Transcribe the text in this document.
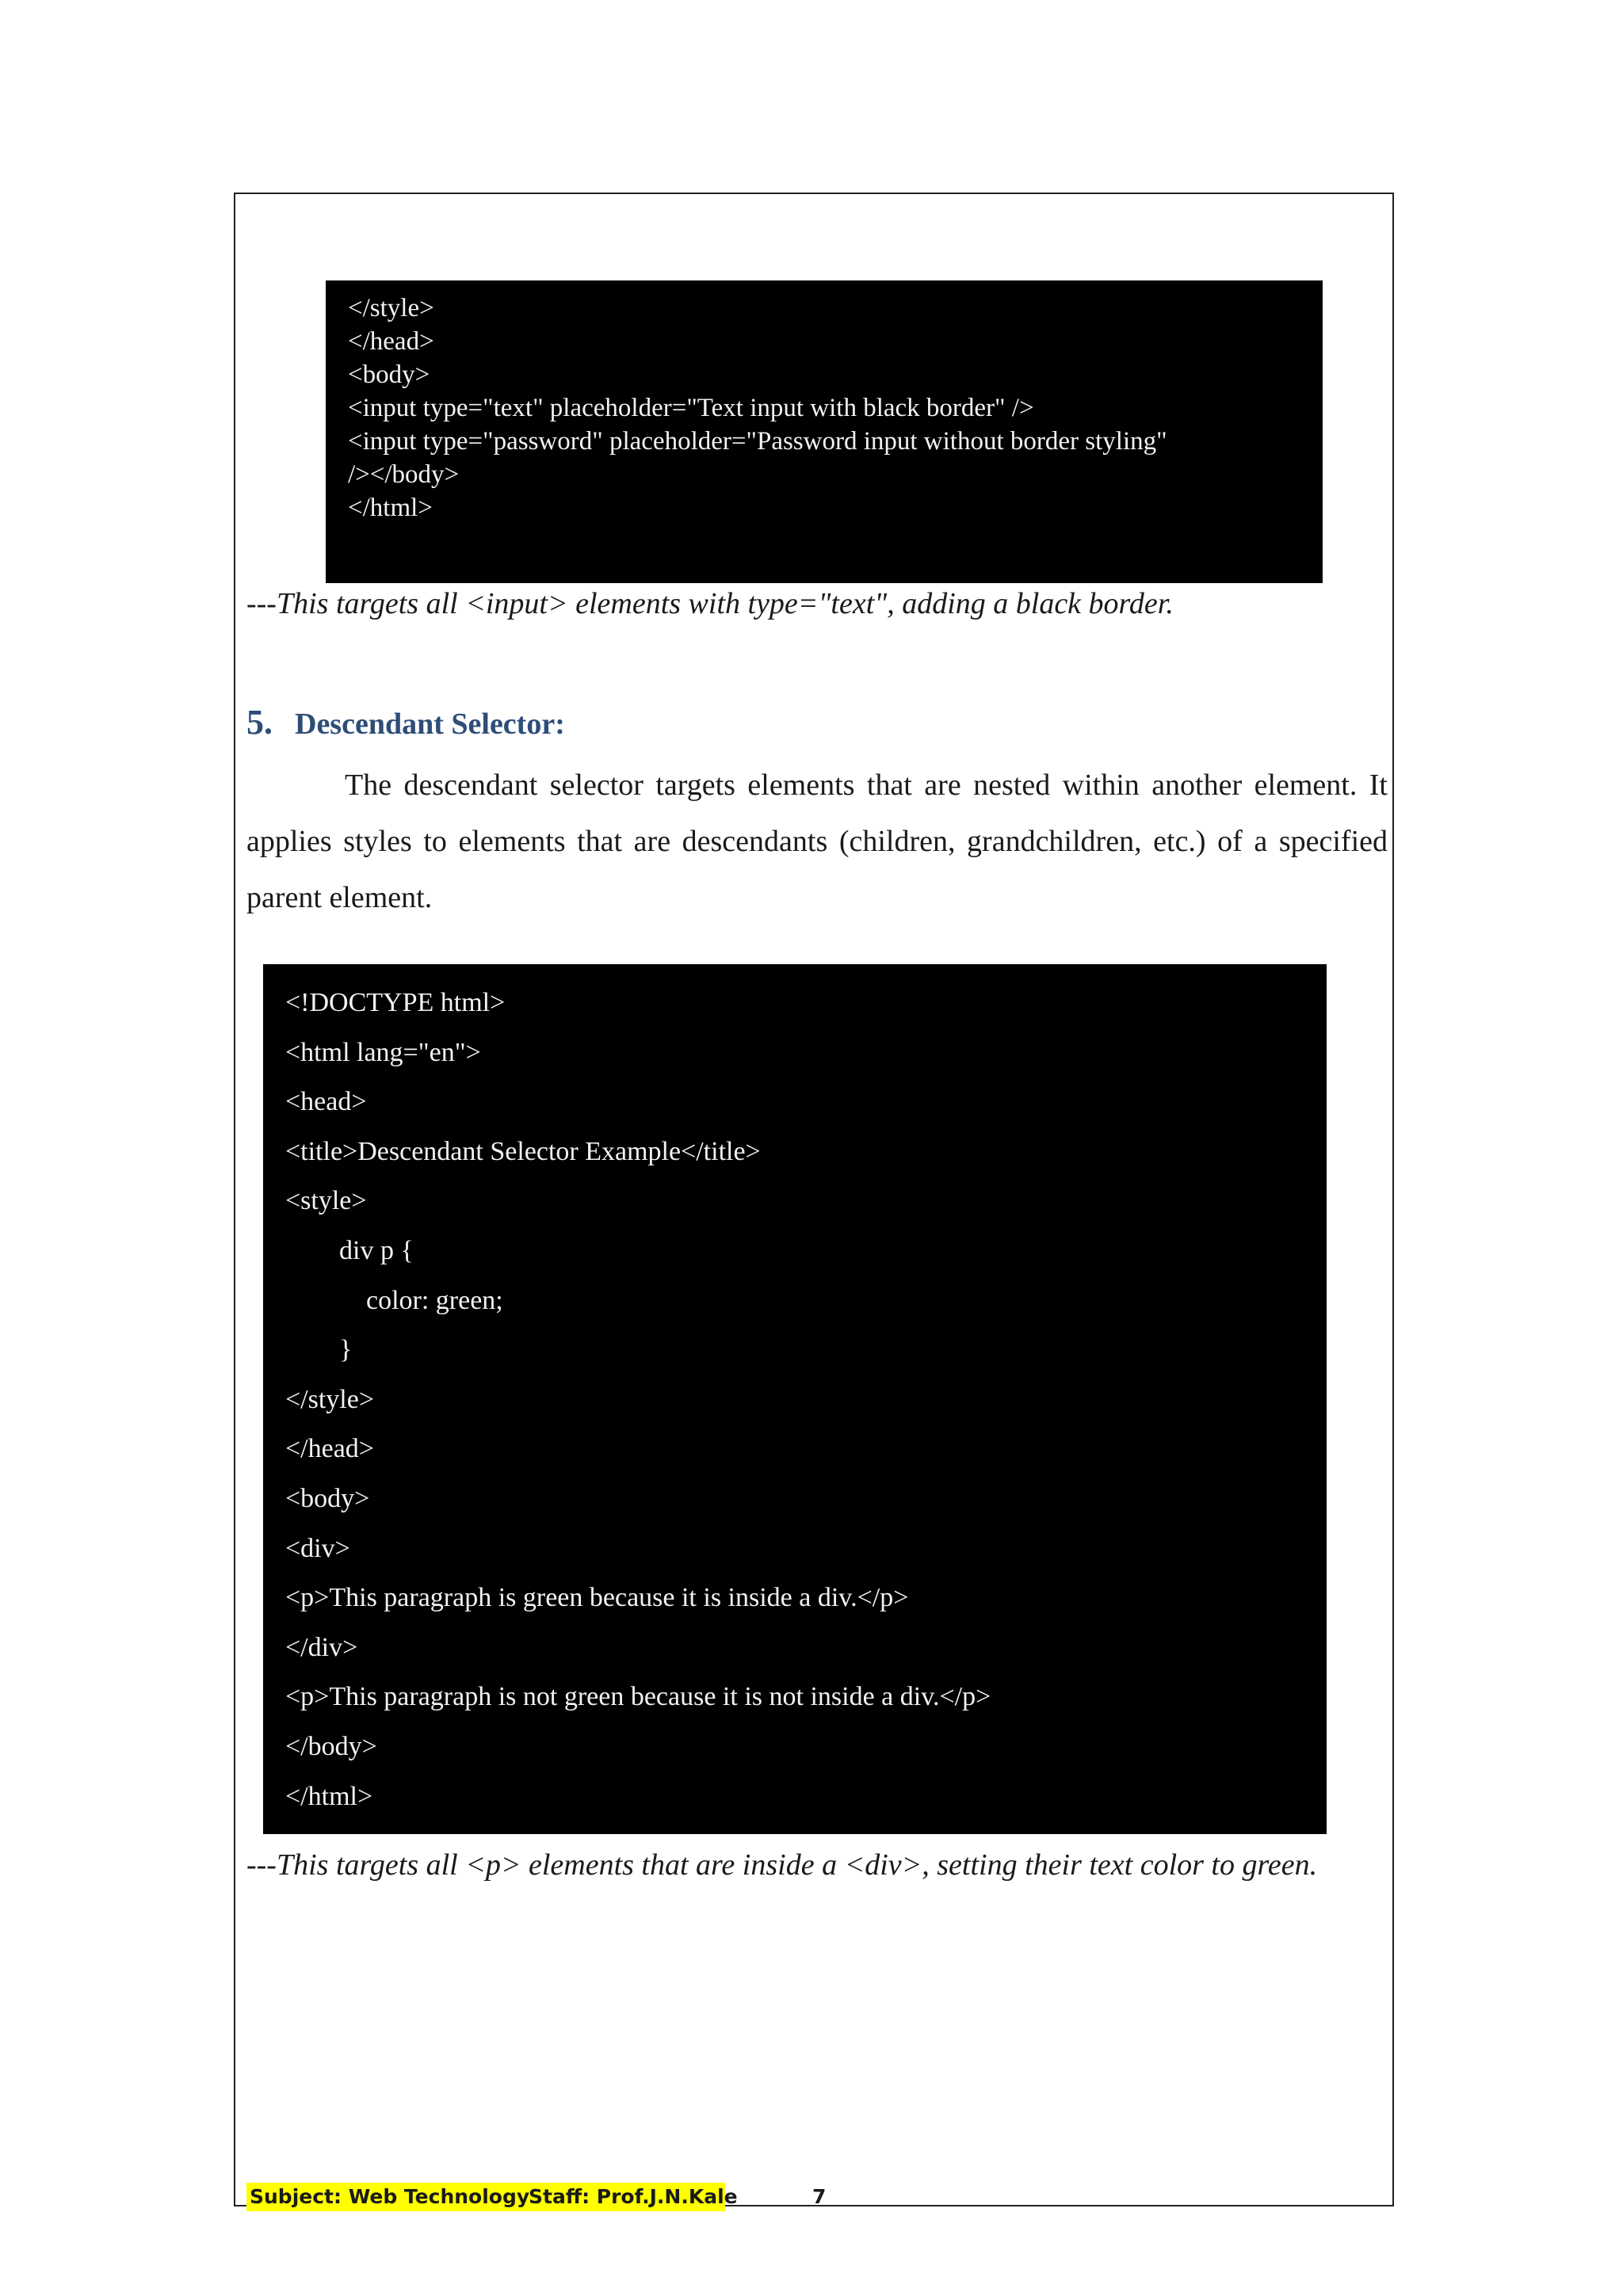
</style>
</head>
<body>
<input type="text" placeholder="Text input with black border" />
<input type="password" placeholder="Password input without border styling"
/></body>
</html>
---This targets all <input> elements with type="text", adding a black border.
5. Descendant Selector:
The descendant selector targets elements that are nested within another element. It applies styles to elements that are descendants (children, grandchildren, etc.) of a specified parent element.
<!DOCTYPE html>
<html lang="en">
<head>
<title>Descendant Selector Example</title>
<style>
div p {
color: green;
}
</style>
</head>
<body>
<div>
<p>This paragraph is green because it is inside a div.</p>
</div>
<p>This paragraph is not green because it is not inside a div.</p>
</body>
</html>
---This targets all <p> elements that are inside a <div>, setting their text color to green.
Subject: Web TechnologyStaff: Prof.J.N.Kale	7
